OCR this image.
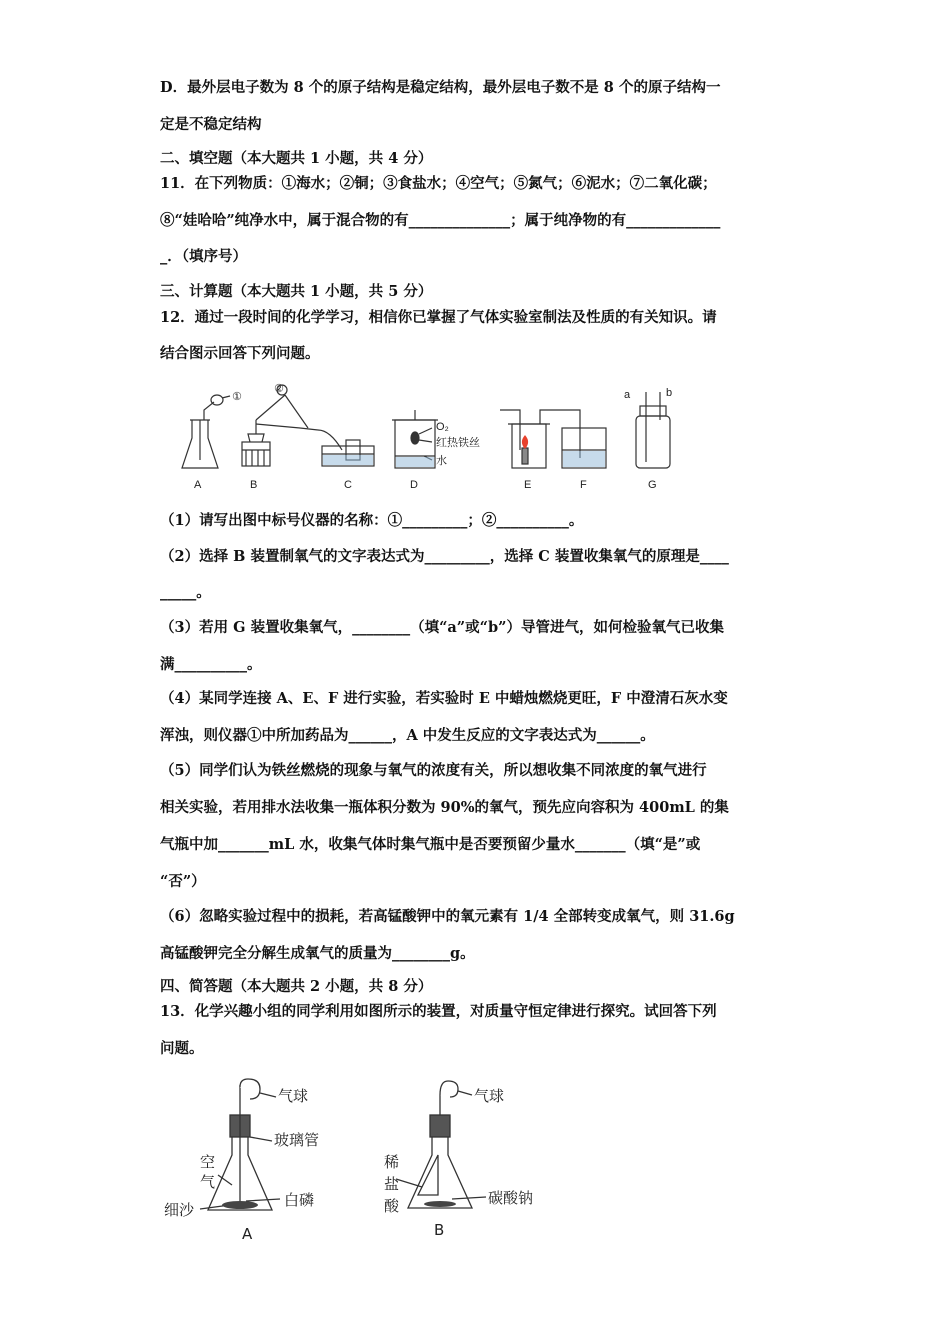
D．最外层电子数为 8 个的原子结构是稳定结构，最外层电子数不是 8 个的原子结构一
定是不稳定结构
二、填空题（本大题共 1 小题，共 4 分）
11．在下列物质：①海水；②铜；③食盐水；④空气；⑤氮气；⑥泥水；⑦二氧化碳；
⑧“娃哈哈”纯净水中，属于混合物的有______________；属于纯净物的有_____________
_．（填序号）
三、计算题（本大题共 1 小题，共 5 分）
12．通过一段时间的化学学习，相信你已掌握了气体实验室制法及性质的有关知识。请
结合图示回答下列问题。
A	B	C	D	E	F	G
①
②
O₂
红热铁丝
水
a	b
（1）请写出图中标号仪器的名称：①_________；②__________。
（2）选择 B 装置制氧气的文字表达式为_________，选择 C 装置收集氧气的原理是____
_____。
（3）若用 G 装置收集氧气，________（填“a”或“b”）导管进气，如何检验氧气已收集
满__________。
（4）某同学连接 A、E、F 进行实验，若实验时 E 中蜡烛燃烧更旺，F 中澄清石灰水变
浑浊，则仪器①中所加药品为______，A 中发生反应的文字表达式为______。
（5）同学们认为铁丝燃烧的现象与氧气的浓度有关，所以想收集不同浓度的氧气进行
相关实验，若用排水法收集一瓶体积分数为 90%的氧气，预先应向容积为 400mL 的集
气瓶中加_______mL 水，收集气体时集气瓶中是否要预留少量水_______（填“是”或
“否”）
（6）忽略实验过程中的损耗，若高锰酸钾中的氧元素有 1/4 全部转变成氧气，则 31.6g
高锰酸钾完全分解生成氧气的质量为________g。
四、简答题（本大题共 2 小题，共 8 分）
13．化学兴趣小组的同学利用如图所示的装置，对质量守恒定律进行探究。试回答下列
问题。
气球
玻璃管
空
气
细沙
白磷
A
气球
稀
盐
酸	碳酸钠
B
